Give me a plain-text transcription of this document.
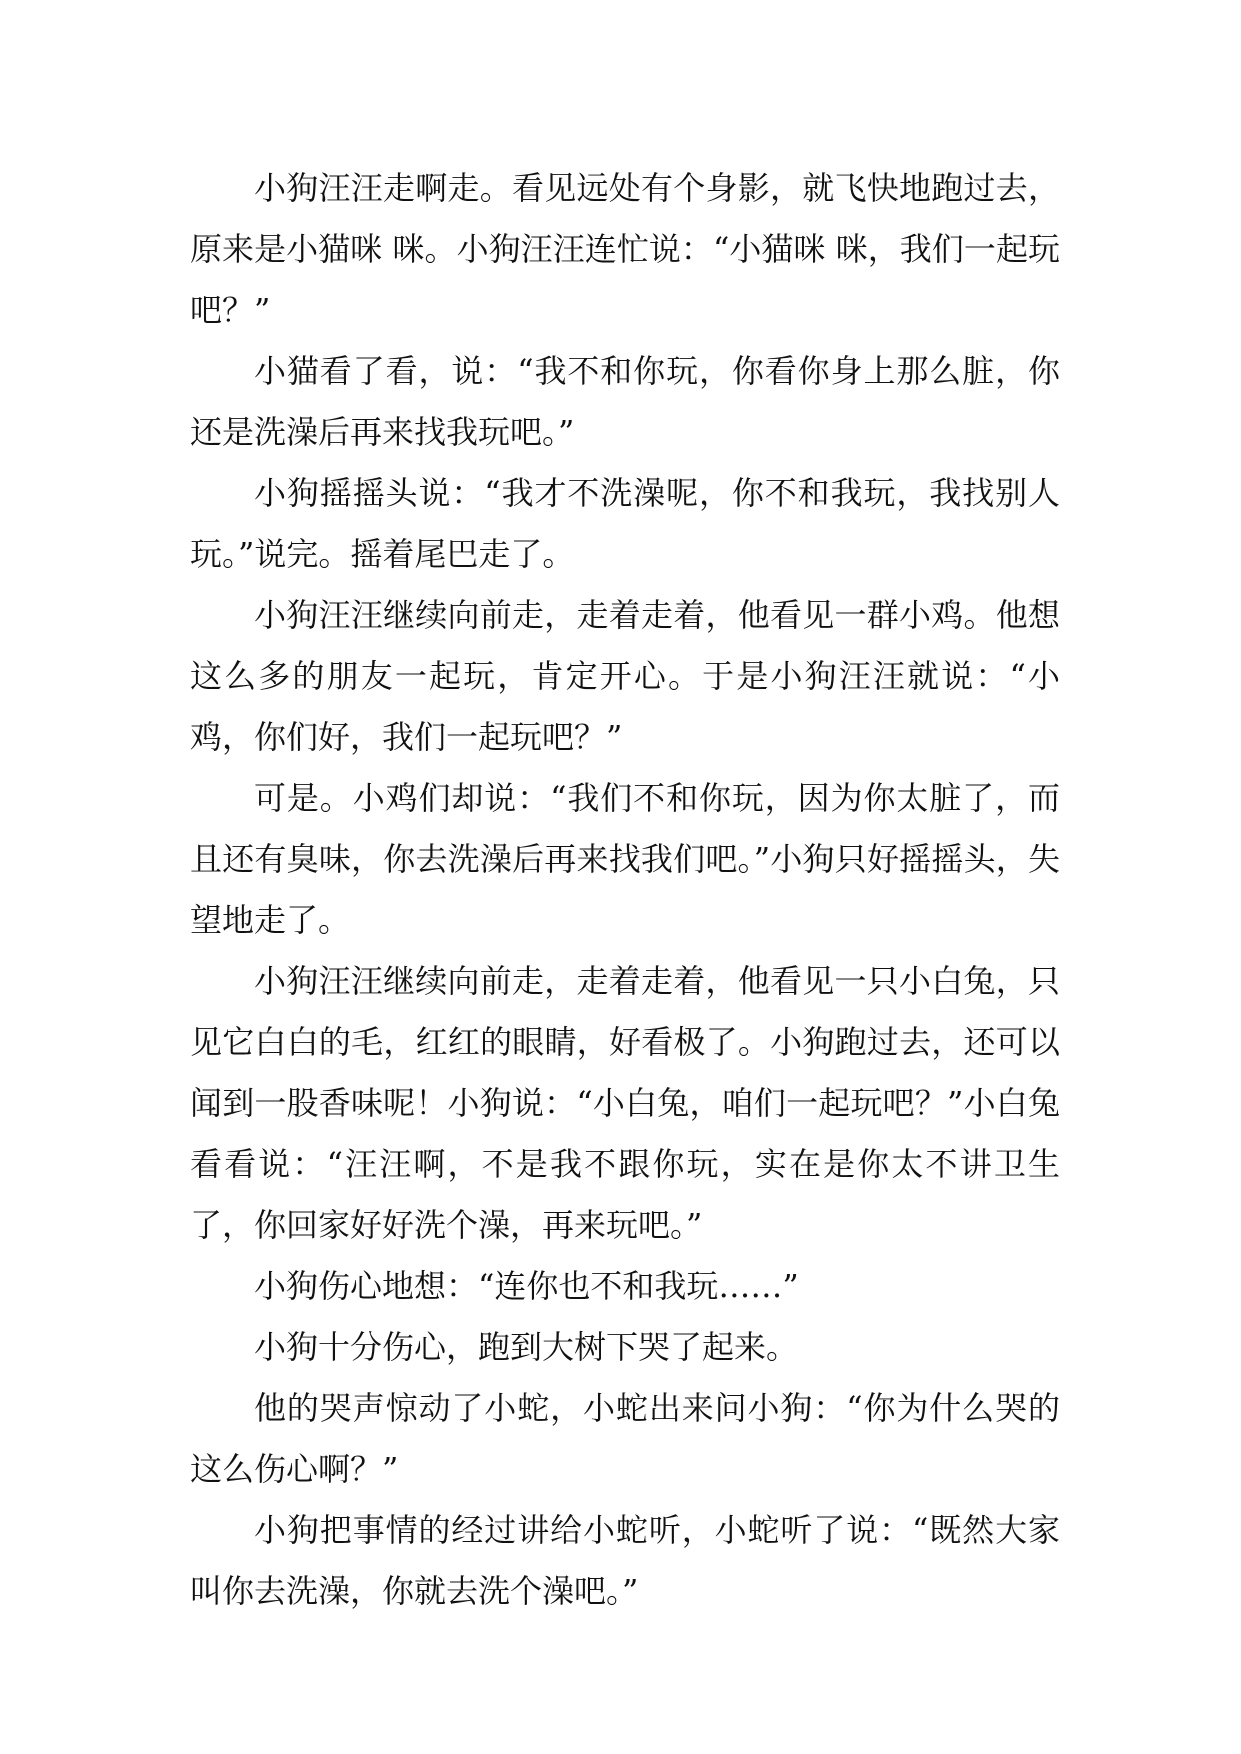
小狗汪汪走啊走。看见远处有个身影，就飞快地跑过去，原来是小猫咪 咪。小狗汪汪连忙说：“小猫咪 咪，我们一起玩吧？”

小猫看了看，说：“我不和你玩，你看你身上那么脏，你还是洗澡后再来找我玩吧。”

小狗摇摇头说：“我才不洗澡呢，你不和我玩，我找别人玩。”说完。摇着尾巴走了。

小狗汪汪继续向前走，走着走着，他看见一群小鸡。他想这么多的朋友一起玩，肯定开心。于是小狗汪汪就说：“小鸡，你们好，我们一起玩吧？”

可是。小鸡们却说：“我们不和你玩，因为你太脏了，而且还有臭味，你去洗澡后再来找我们吧。”小狗只好摇摇头，失望地走了。

小狗汪汪继续向前走，走着走着，他看见一只小白兔，只见它白白的毛，红红的眼睛，好看极了。小狗跑过去，还可以闻到一股香味呢！小狗说：“小白兔，咱们一起玩吧？”小白兔看看说：“汪汪啊，不是我不跟你玩，实在是你太不讲卫生了，你回家好好洗个澡，再来玩吧。”

小狗伤心地想：“连你也不和我玩……”

小狗十分伤心，跑到大树下哭了起来。

他的哭声惊动了小蛇，小蛇出来问小狗：“你为什么哭的这么伤心啊？”

小狗把事情的经过讲给小蛇听，小蛇听了说：“既然大家叫你去洗澡，你就去洗个澡吧。”
